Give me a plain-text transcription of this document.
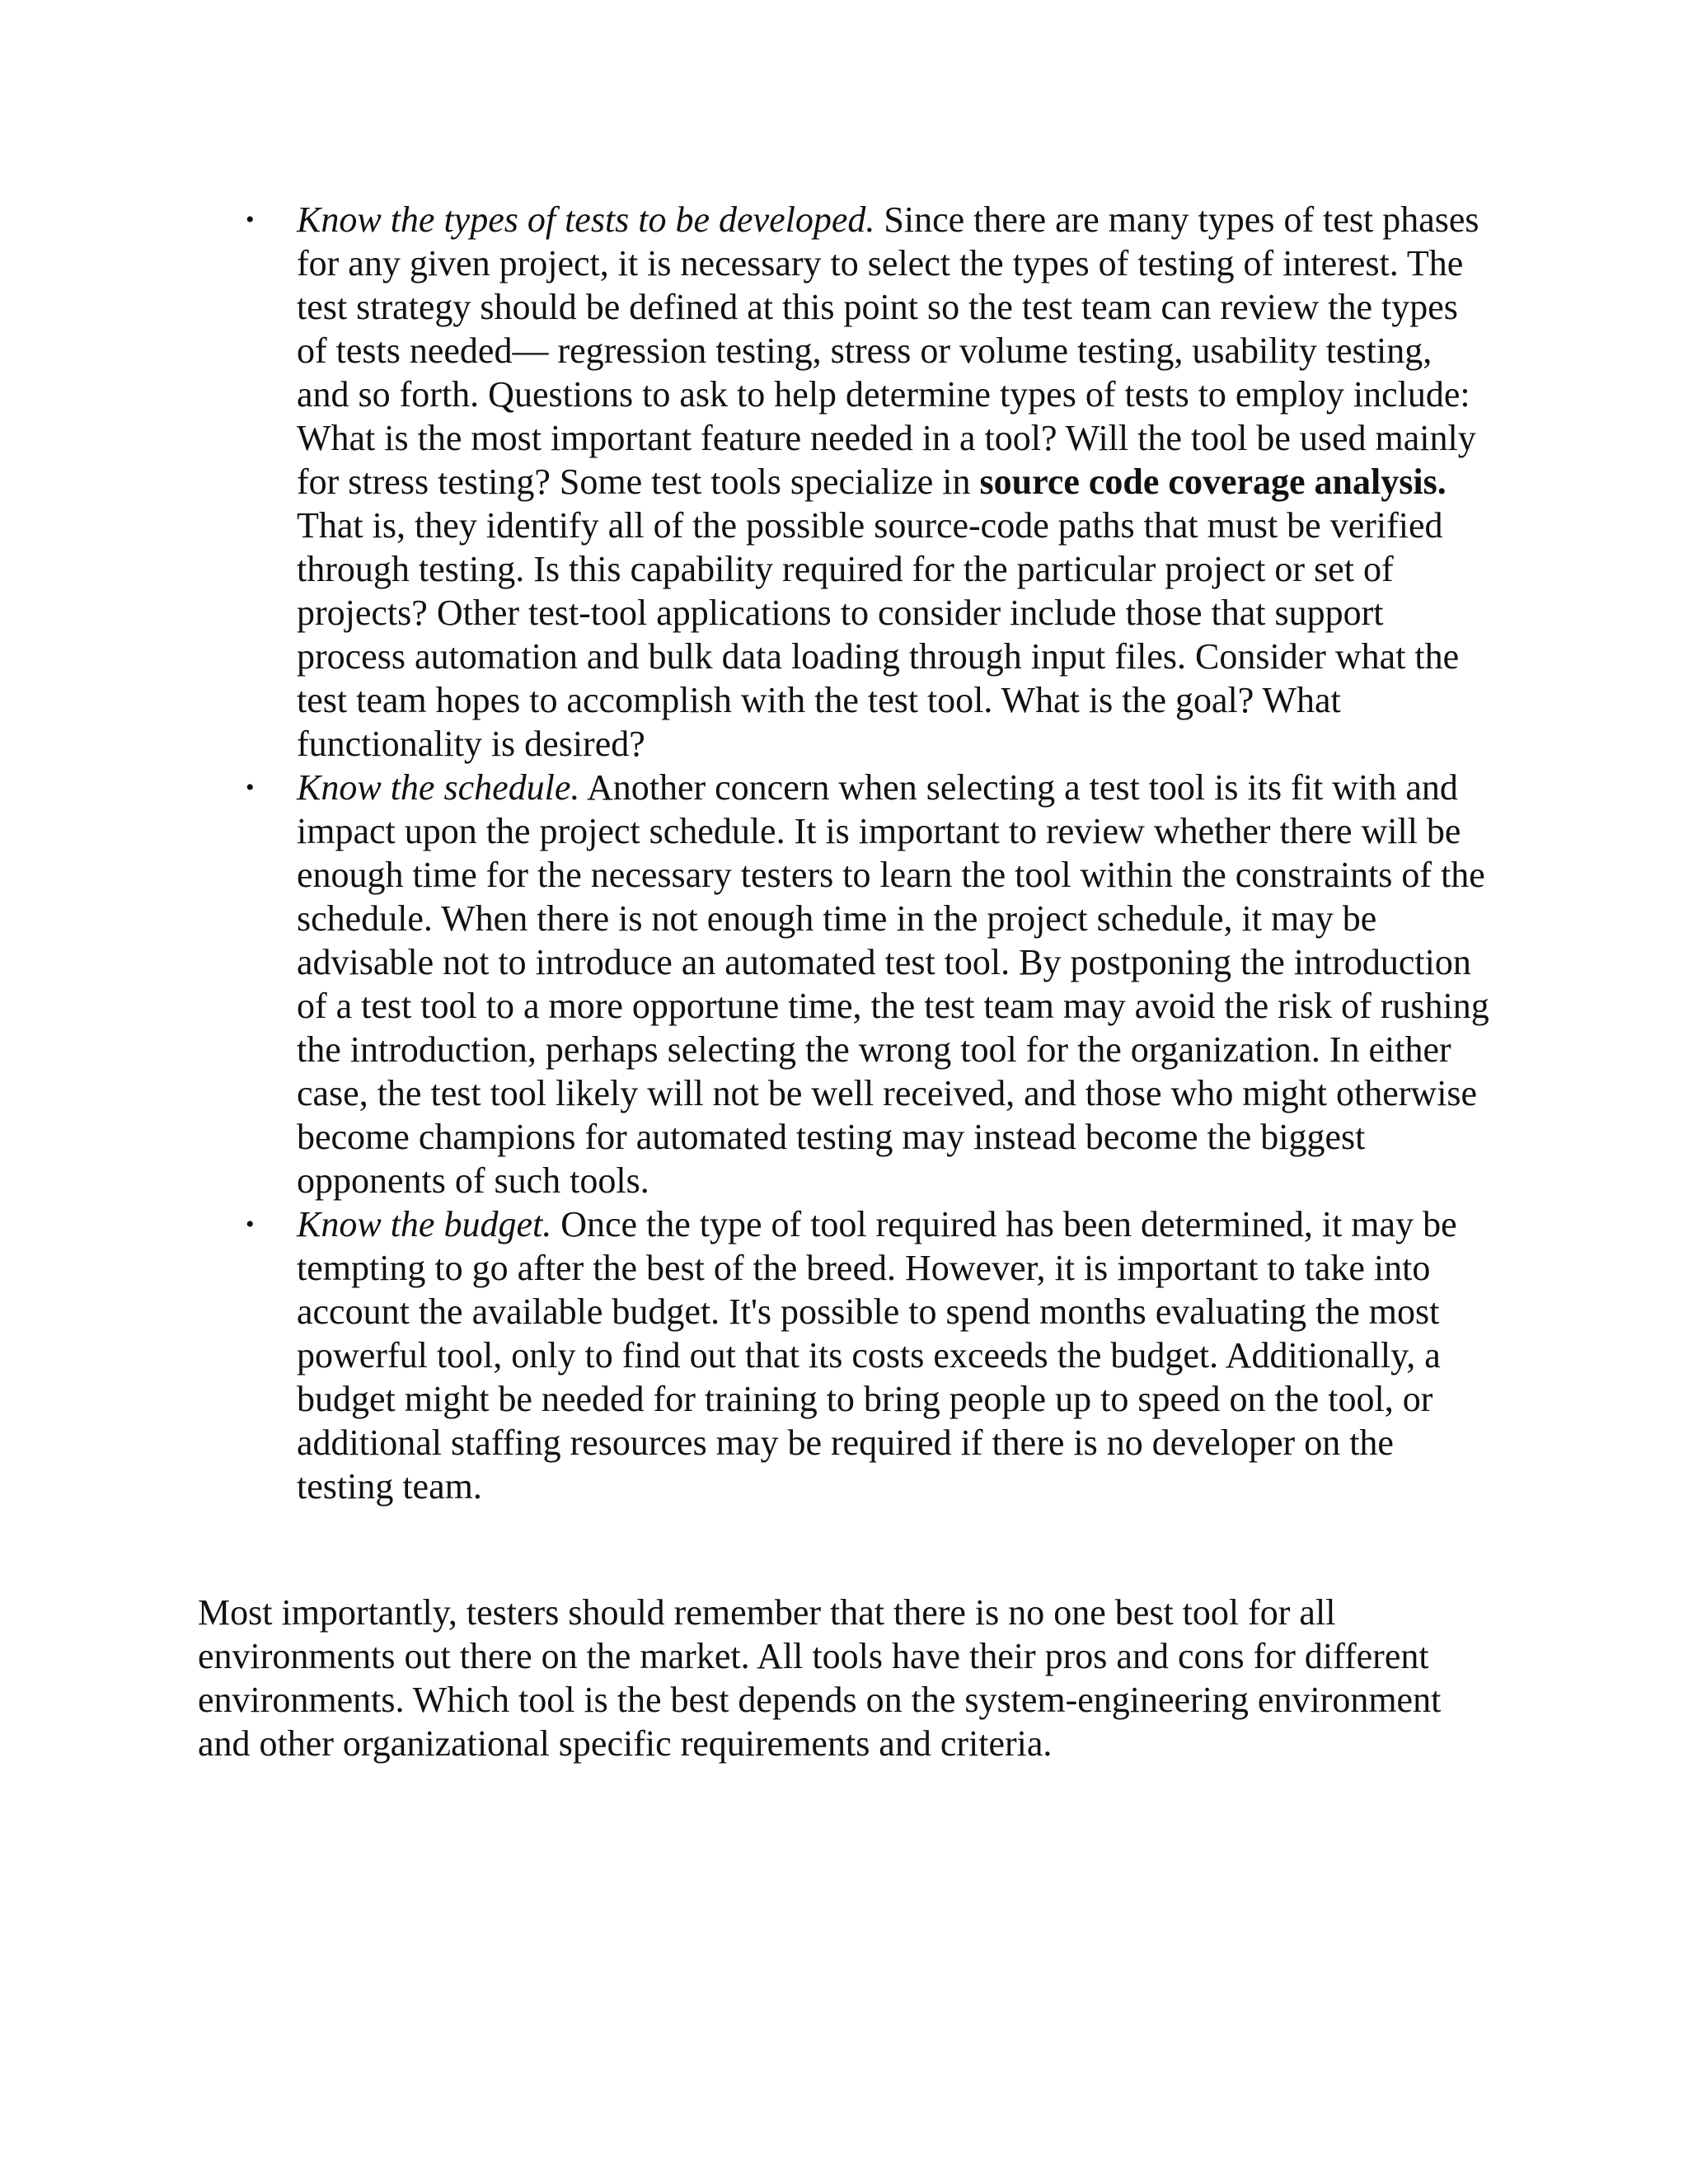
• Know the types of tests to be developed. Since there are many types of test phases for any given project, it is necessary to select the types of testing of interest. The test strategy should be defined at this point so the test team can review the types of tests needed— regression testing, stress or volume testing, usability testing, and so forth. Questions to ask to help determine types of tests to employ include: What is the most important feature needed in a tool? Will the tool be used mainly for stress testing? Some test tools specialize in source code coverage analysis. That is, they identify all of the possible source-code paths that must be verified through testing. Is this capability required for the particular project or set of projects? Other test-tool applications to consider include those that support process automation and bulk data loading through input files. Consider what the test team hopes to accomplish with the test tool. What is the goal? What functionality is desired?
• Know the schedule. Another concern when selecting a test tool is its fit with and impact upon the project schedule. It is important to review whether there will be enough time for the necessary testers to learn the tool within the constraints of the schedule. When there is not enough time in the project schedule, it may be advisable not to introduce an automated test tool. By postponing the introduction of a test tool to a more opportune time, the test team may avoid the risk of rushing the introduction, perhaps selecting the wrong tool for the organization. In either case, the test tool likely will not be well received, and those who might otherwise become champions for automated testing may instead become the biggest opponents of such tools.
• Know the budget. Once the type of tool required has been determined, it may be tempting to go after the best of the breed. However, it is important to take into account the available budget. It's possible to spend months evaluating the most powerful tool, only to find out that its costs exceeds the budget. Additionally, a budget might be needed for training to bring people up to speed on the tool, or additional staffing resources may be required if there is no developer on the testing team.

Most importantly, testers should remember that there is no one best tool for all environments out there on the market. All tools have their pros and cons for different environments. Which tool is the best depends on the system-engineering environment and other organizational specific requirements and criteria.
